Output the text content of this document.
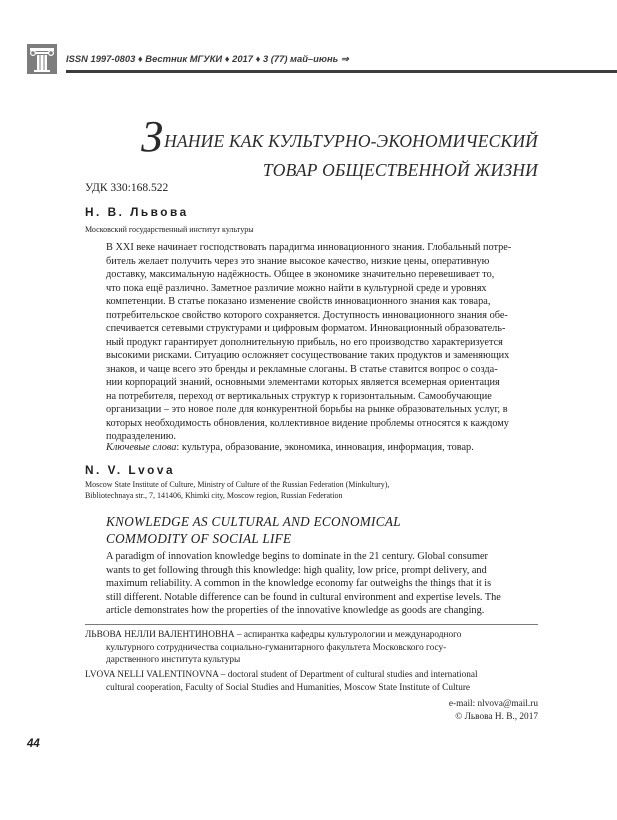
ISSN 1997-0803 ♦ Вестник МГУКИ ♦ 2017 ♦ 3 (77) май–июнь ⇒
ЗНАНИЕ КАК КУЛЬТУРНО-ЭКОНОМИЧЕСКИЙ
ТОВАР ОБЩЕСТВЕННОЙ ЖИЗНИ
УДК 330:168.522
Н. В. Львова
Московский государственный институт культуры

В XXI веке начинает господствовать парадигма инновационного знания. Глобальный потре-
битель желает получить через это знание высокое качество, низкие цены, оперативную
доставку, максимальную надёжность. Общее в экономике значительно перевешивает то,
что пока ещё различно. Заметное различие можно найти в культурной среде и уровнях
компетенции. В статье показано изменение свойств инновационного знания как товара,
потребительское свойство которого сохраняется. Доступность инновационного знания обе-
спечивается сетевыми структурами и цифровым форматом. Инновационный образователь-
ный продукт гарантирует дополнительную прибыль, но его производство характеризуется
высокими рисками. Ситуацию осложняет сосуществование таких продуктов и заменяющих
знаков, и чаще всего это бренды и рекламные слоганы. В статье ставится вопрос о созда-
нии корпораций знаний, основными элементами которых является всемерная ориентация
на потребителя, переход от вертикальных структур к горизонтальным. Самообучающие
организации – это новое поле для конкурентной борьбы на рынке образовательных услуг, в
которых необходимость обновления, коллективное видение проблемы относятся к каждому
подразделению.

Ключевые слова: культура, образование, экономика, инновация, информация, товар.
N. V. Lvova
Moscow State Institute of Culture, Ministry of Culture of the Russian Federation (Minkultury),
Bibliotechnaya str., 7, 141406, Khimki city, Moscow region, Russian Federation
KNOWLEDGE AS CULTURAL AND ECONOMICAL
COMMODITY OF SOCIAL LIFE

A paradigm of innovation knowledge begins to dominate in the 21 century. Global consumer
wants to get following through this knowledge: high quality, low price, prompt delivery, and
maximum reliability. A common in the knowledge economy far outweighs the things that it is
still different. Notable difference can be found in cultural environment and expertise levels. The
article demonstrates how the properties of the innovative knowledge as goods are changing.

ЛЬВОВА НЕЛЛИ ВАЛЕНТИНОВНА – аспирантка кафедры культурологии и международного
культурного сотрудничества социально-гуманитарного факультета Московского госу-
дарственного института культуры
LVOVA NELLI VALENTINOVNA – doctoral student of Department of cultural studies and international
cultural cooperation, Faculty of Social Studies and Humanities, Moscow State Institute of Culture
e-mail: nlvova@mail.ru
© Львова Н. В., 2017
44
